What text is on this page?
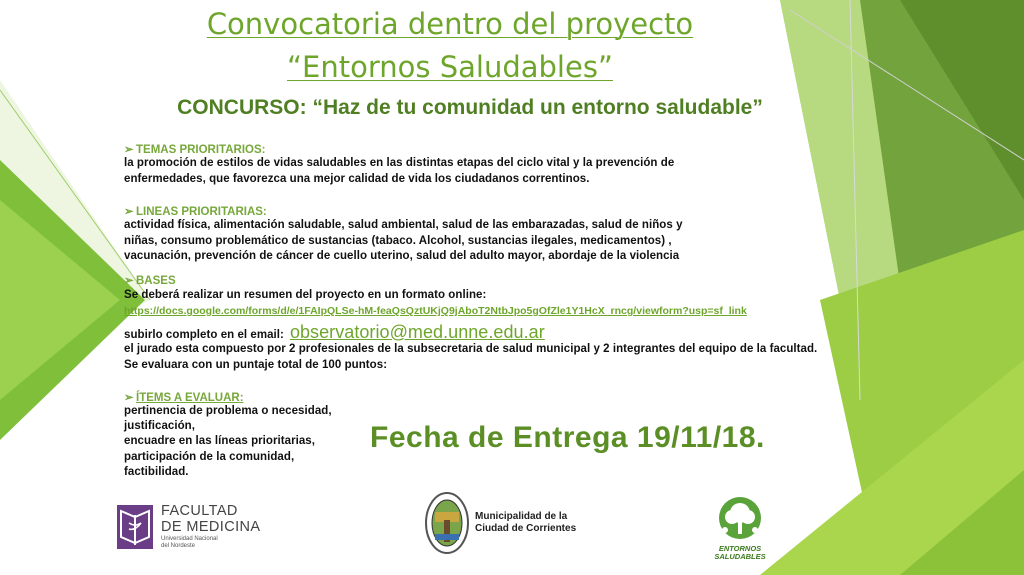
Convocatoria dentro del proyecto
“Entornos Saludables”
CONCURSO: “Haz de tu comunidad un entorno saludable”
➢ TEMAS PRIORITARIOS:
la promoción de estilos de vidas saludables en las distintas etapas del ciclo vital y la prevención de
enfermedades, que favorezca una mejor calidad de vida los ciudadanos correntinos.
➢ LINEAS PRIORITARIAS:
actividad física, alimentación saludable, salud ambiental, salud de las embarazadas, salud de niños y
niñas, consumo problemático de sustancias (tabaco. Alcohol, sustancias ilegales, medicamentos) ,
vacunación, prevención de cáncer de cuello uterino, salud del adulto mayor, abordaje de la violencia
➢ BASES
Se deberá realizar un resumen del proyecto en un formato online:
https://docs.google.com/forms/d/e/1FAIpQLSe-hM-feaQsQztUKjQ9jAboT2NtbJpo5gOfZle1Y1HcX_rncg/viewform?usp=sf_link
subirlo completo en el email: observatorio@med.unne.edu.ar
el jurado esta compuesto por 2 profesionales de la subsecretaria de salud municipal y 2 integrantes del equipo de la facultad.
Se evaluara con un puntaje total de 100 puntos:
➢ ÍTEMS A EVALUAR:
pertinencia de problema o necesidad,
justificación,
encuadre en las líneas prioritarias,
participación de la comunidad,
factibilidad.
Fecha de Entrega 19/11/18.
FACULTAD
DE MEDICINA
Universidad Nacional
del Nordeste
Municipalidad de la
Ciudad de Corrientes
ENTORNOS
SALUDABLES
